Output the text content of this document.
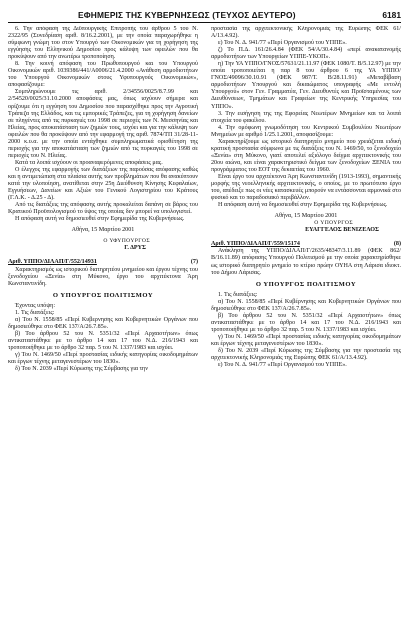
ΕΦΗΜΕΡΙΣ ΤΗΣ ΚΥΒΕΡΝΗΣΕΩΣ (ΤΕΥΧΟΣ ΔΕΥΤΕΡΟ)	6181

6. Την απόφαση της Διϋπουργικής Επιτροπής του άρθρου 5 του Ν. 2322/95 (Συνεδρίαση αριθ. 8/16.2.2001), με την οποία παραχωρήθηκε η σύμφωνη γνώμη του στον Υπουργό των Οικονομικών για τη χορήγηση της εγγύησης του Ελληνικού Δημοσίου προς κάλυψη των οφειλών που θα προκύψουν από την ανωτέρω τροποποίηση.

8. Την κοινή απόφαση του Πρωθυπουργού και του Υπουργού Οικονομικών αριθ. 1039386/441/Α0006/21.4.2000 «Ανάθεση αρμοδιοτήτων του Υπουργού Οικονομικών στους Υφυπουργούς Οικονομικών», αποφασίζουμε:

Συμπληρώνουμε τις αριθ. 2/34556/0025/8.7.99 και 2/54520/0025/31.10.2000 αποφάσεις μας, όπως ισχύουν σήμερα και ορίζουμε ότι η εγγύηση του Δημοσίου που παρασχέθηκε προς την Αγροτική Τράπεζα της Ελλάδος, και τις εμπορικές Τράπεζες, για τη χορήγηση δανείων σε πληγέντες από τις πυρκαγιές του 1998 σε περιοχές των Ν. Μεσσηνίας και Ηλείας, προς αποκατάσταση των ζημιών τους, ισχύει και για την κάλυψη των οφειλών που θα προκύψουν από την εφαρμογή της αριθ. 7874/ΤΠ 31/28-11-2000 κ.υ.α. με την οποία εντάχθηκε συμπληρωματικά οριοθέτηση της περιοχής για την αποκατάσταση των ζημιών από τις πυρκαγιές του 1998 σε περιοχές του Ν. Ηλείας.

Κατά τα λοιπά ισχύουν οι προαναφερόμενες αποφάσεις μας.

Ο έλεγχος της εφαρμογής των διατάξεων της παρούσας απόφασης καθώς και η αντιμετώπιση στα πλαίσια αυτής των προβλημάτων που θα ανακύπτουν κατά την υλοποίηση, ανατίθεται στην 25η Διεύθυνση Κίνησης Κεφαλαίων, Εγγυήσεων, Δανείων και Αξιών του Γενικού Λογιστηρίου του Κράτους (Γ.Λ.Κ. - Δ.25 - Δ).

Από τις διατάξεις της απόφασης αυτής προκαλείται δαπάνη σε βάρος του Κρατικού Προϋπολογισμού το ύψος της οποίας δεν μπορεί να υπολογιστεί.

Η απόφαση αυτή να δημοσιευθεί στην Εφημερίδα της Κυβερνήσεως.

Αθήνα, 15 Μαρτίου 2001

Ο ΥΦΥΠΟΥΡΓΟΣ

Γ. ΔΡΥΣ

Αριθ. ΥΠΠΟ/ΔΙΛΑΠ/Γ/552/14931	(7)

Χαρακτηρισμός ως ιστορικού διατηρητέου μνημείου και έργου τέχνης του ξενοδοχείου «Ξενία» στη Μύκονο, έργο του αρχιτέκτονα Άρη Κωνσταντινίδη.

Ο ΥΠΟΥΡΓΟΣ ΠΟΛΙΤΙΣΜΟΥ

Έχοντας υπόψη:

1. Τις διατάξεις:

α) Του Ν. 1558/85 «Περί Κυβερνησης και Κυβερνητικών Οργάνων που δημοσιεύθηκε στο ΦΕΚ 137/Α/26.7.85».

β) Του άρθρου 52 του Ν. 5351/32 «Περί Αρχαιοτήτων» όπως αντικαταστάθηκε με το άρθρο 14 και 17 του Ν.Δ. 216/1943 και τροποποιήθηκε με το άρθρο 32 παρ. 5 του Ν. 1337/1983 και ισχύει.

γ) Του Ν. 1469/50 «Περί προστασίας ειδικής κατηγορίας οικοδομημάτων και έργων τέχνης μεταγενεστέρων του 1830».

δ) Του Ν. 2039 «Περί Κύρωσης της Σύμβασης για την

προστασία της αρχιτεκτονικής Κληρονομιάς της Ευρώπης ΦΕΚ 61/Α/13.4.92).

ε) Του Ν. Δ. 941/77 «Περί Οργανισμού του ΥΠΠΕ».

ζ) Το Π.Δ. 161/26.4.84 (ΦΕΚ 54/Α/30.4.84) «περί ανακατανομής αρμοδιοτήτων των Υπουργείων ΥΠΠΕ-ΥΚΟΠ».

η) Την ΥΑ ΥΠΠΟ/ΓΝΟΣ/57631/21.11.97 (ΦΕΚ 1080/Τ. Β/5.12.97) με την οποία τροποποιείται η παρ 8 του άρθρου 6 της ΥΑ ΥΠΠΟ/ΓΝΟΣ/49096/30.10.91 (ΦΕΚ 987/Τ. Β/28.11.91) «Μεταβίβαση αρμοδιοτήτων Υπουργού και δικαιώματος υπογραφής «Με εντολή Υπουργού» στον Γεν. Γραμματέα, Γεν. Διευθυντές και Προϊσταμένους των Διευθύνσεων, Τμημάτων και Γραφείων της Κεντρικής Υπηρεσίας του ΥΠΠΟ».

3. Την εισήγηση της της Εφορείας Νεωτέρων Μνημείων και τα λοιπά στοιχεία του φακέλου.

4. Την ομόφωνη γνωμοδότηση του Κεντρικού Συμβουλίου Νεωτέρων Μνημείων με αριθμό 1/25.1.2001, αποφασίζουμε:

Χαρακτηρίζουμε ως ιστορικό διατηρητέο μνημείο που χρειάζεται ειδική κρατική προστασία σύμφωνα με τις διατάξεις του Ν. 1469/50, το ξενοδοχείο «Ξενία» στη Μύκονο, γιατί αποτελεί αξιόλογο δείγμα αρχιτεκτονικής του 20ου αιώνα, και είναι χαρακτηριστικό δείγμα των ξενοδοχείων ΞΕΝΙΑ του προγράμματος του ΕΟΤ της δεκαετίας του 1960.

Είναι έργο του αρχιτέκτονα Άρη Κωνσταντινίδη (1913-1993), σημαντικής μορφής της νεοελληνικής αρχιτεκτονικής, ο οποίος, με το πρωτότυπο έργο του, απέδειξε πως οι νέες κατασκευές μπορούν να εντάσσονται αρμονικά στο φυσικό και το παραδοσιακό περιβάλλον.

Η απόφαση αυτή να δημοσιευθεί στην Εφημερίδα της Κυβερνήσεως.

Αθήνα, 15 Μαρτίου 2001

Ο ΥΠΟΥΡΓΟΣ

ΕΥΑΓΓΕΛΟΣ ΒΕΝΙΖΕΛΟΣ

Αριθ. ΥΠΠΟ/ΔΙΛΑΠ/Γ/559/15174	(8)

Ανάκληση της ΥΠΠΟ/ΔΙΛΑΠ/Γ/2635/48347/3.11.89 (ΦΕΚ 862/Β/16.11.89) απόφασης Υπουργού Πολιτισμού με την οποία χαρακτηρίσθηκε ως ιστορικό διατηρητέο μνημείο το κτίριο πρώην ΟΥΗΑ στη Λάρισα ιδιοκτ. του Δήμου Λάρισας.

Ο ΥΠΟΥΡΓΟΣ ΠΟΛΙΤΙΣΜΟΥ

1. Τις διατάξεις:

α) Του Ν. 1558/85 «Περί Κυβέρνησης και Κυβερνητικών Οργάνων που δημοσιεύθηκε στο ΦΕΚ 137/Α/26.7.85».

β) Του άρθρου 52 του Ν. 5351/32 «Περί Αρχαιοτήτων» όπως αντικαταστάθηκε με το άρθρο 14 και 17 του Ν.Δ. 216/1943 και τροποποιήθηκε με το άρθρο 32 παρ. 5 του Ν. 1337/1983 και ισχύει.

γ) Του Ν. 1469/50 «Περί προστασίας ειδικής κατηγορίας οικοδομημάτων και έργων τέχνης μεταγενεστέρων του 1830».

δ) Του Ν. 2039 «Περί Κύρωσης της Σύμβασης για την προστασία της αρχιτεκτονικής Κληρονομιάς της Ευρώπης ΦΕΚ 61/Α/13.4.92).

ε) Του Ν. Δ. 941/77 «Περί Οργανισμού του ΥΠΠΕ».
